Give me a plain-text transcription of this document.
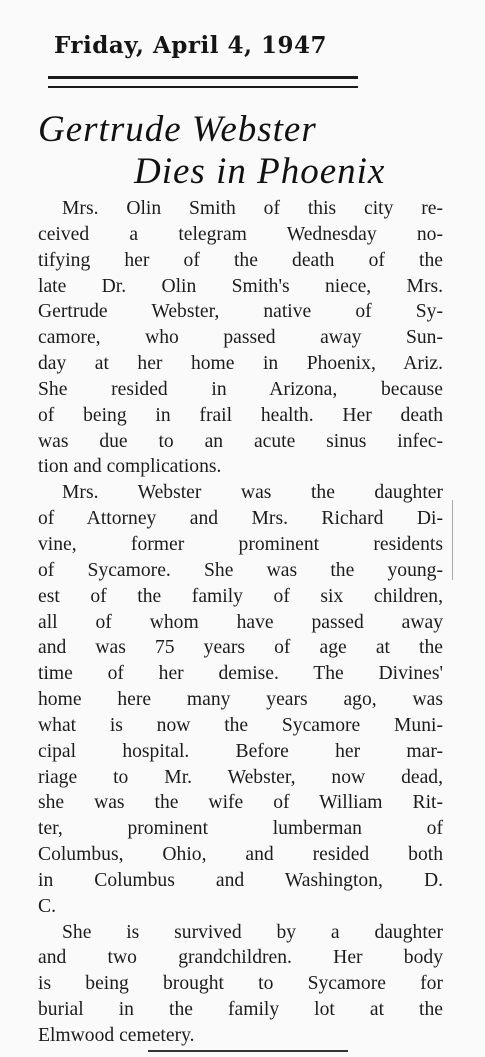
Friday, April 4, 1947
Gertrude Webster
Dies in Phoenix
Mrs. Olin Smith of this city re-
ceived a telegram Wednesday no-
tifying her of the death of the
late Dr. Olin Smith's niece, Mrs.
Gertrude Webster, native of Sy-
camore, who passed away Sun-
day at her home in Phoenix, Ariz.
She resided in Arizona, because
of being in frail health. Her death
was due to an acute sinus infec-
tion and complications.
Mrs. Webster was the daughter
of Attorney and Mrs. Richard Di-
vine, former prominent residents
of Sycamore. She was the young-
est of the family of six children,
all of whom have passed away
and was 75 years of age at the
time of her demise. The Divines'
home here many years ago, was
what is now the Sycamore Muni-
cipal hospital. Before her mar-
riage to Mr. Webster, now dead,
she was the wife of William Rit-
ter, prominent lumberman of
Columbus, Ohio, and resided both
in Columbus and Washington, D.
C.
She is survived by a daughter
and two grandchildren. Her body
is being brought to Sycamore for
burial in the family lot at the
Elmwood cemetery.
